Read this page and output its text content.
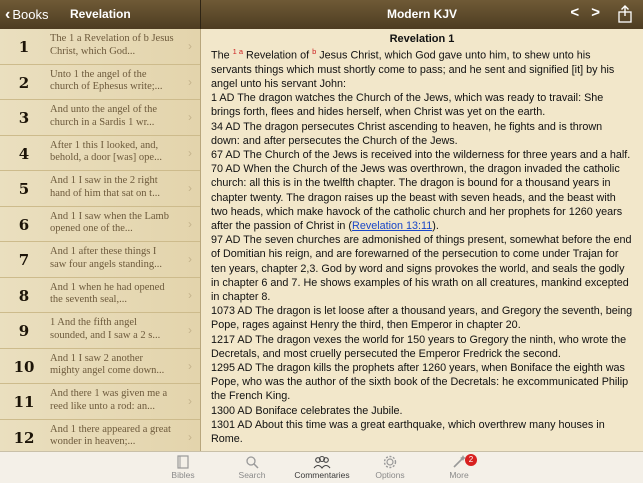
‹ Books Revelation	Modern KJV	< >
1	The 1 a Revelation of b Jesus Christ, which God...	›
2	Unto 1 the angel of the church of Ephesus write;...	›
3	And unto the angel of the church in a Sardis 1 wr...	›
4	After 1 this I looked, and, behold, a door [was] ope...	›
5	And 1 I saw in the 2 right hand of him that sat on t...	›
6	And 1 I saw when the Lamb opened one of the...	›
7	And 1 after these things I saw four angels standing...	›
8	And 1 when he had opened the seventh seal,...	›
9	1 And the fifth angel sounded, and I saw a 2 s...	›
10	And 1 I saw 2 another mighty angel come down...	›
11	And there 1 was given me a reed like unto a rod: an...	›
12	And 1 there appeared a great wonder in heaven;...	›
Revelation 1

The $^{1 a}$ Revelation of $^b$ Jesus Christ, which God gave unto him, to shew unto his servants things which must shortly come to pass; and he sent and signified [it] by his angel unto his servant John:

1 AD The dragon watches the Church of the Jews, which was ready to travail: She brings forth, flees and hides herself, when Christ was yet on the earth.

34 AD The dragon persecutes Christ ascending to heaven, he fights and is thrown down: and after persecutes the Church of the Jews.

67 AD The Church of the Jews is received into the wilderness for three years and a half.

70 AD When the Church of the Jews was overthrown, the dragon invaded the catholic church: all this is in the twelfth chapter. The dragon is bound for a thousand years in chapter twenty. The dragon raises up the beast with seven heads, and the beast with two heads, which make havock of the catholic church and her prophets for 1260 years after the passion of Christ in (Revelation 13:11).

97 AD The seven churches are admonished of things present, somewhat before the end of Domitian his reign, and are forewarned of the persecution to come under Trajan for ten years, chapter 2,3. God by word and signs provokes the world, and seals the godly in chapter 6 and 7. He shows examples of his wrath on all creatures, mankind excepted in chapter 8.

1073 AD The dragon is let loose after a thousand years, and Gregory the seventh, being Pope, rages against Henry the third, then Emperor in chapter 20.

1217 AD The dragon vexes the world for 150 years to Gregory the ninth, who wrote the Decretals, and most cruelly persecuted the Emperor Fredrick the second.

1295 AD The dragon kills the prophets after 1260 years, when Boniface the eighth was Pope, who was the author of the sixth book of the Decretals: he excommunicated Philip the French King.

1300 AD Boniface celebrates the Jubile.

1301 AD About this time was a great earthquake, which overthrew many houses in Rome.

Bibles	Search	Commentaries	Options
2
More
